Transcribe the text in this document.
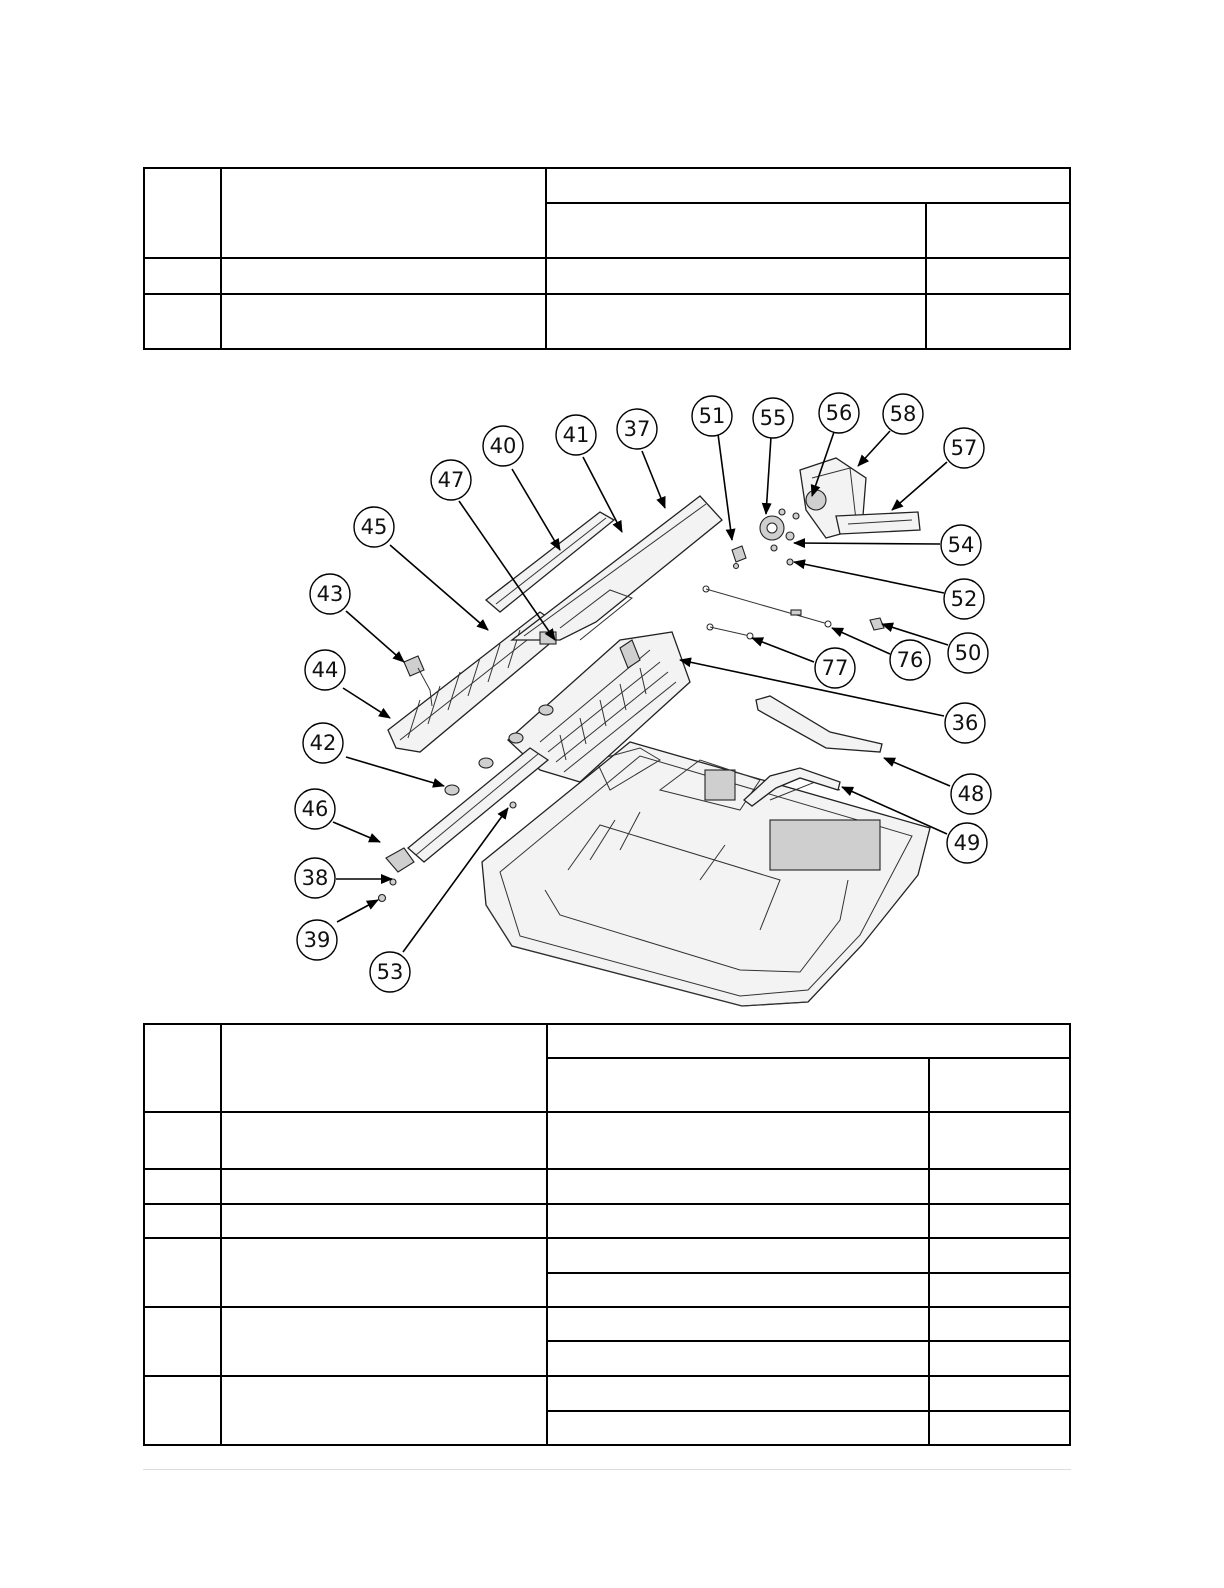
37
41
40
47
45
43
44
42
46
38
39
53
51 55 56 58
57
54
52
50
76
77
36
48
49
